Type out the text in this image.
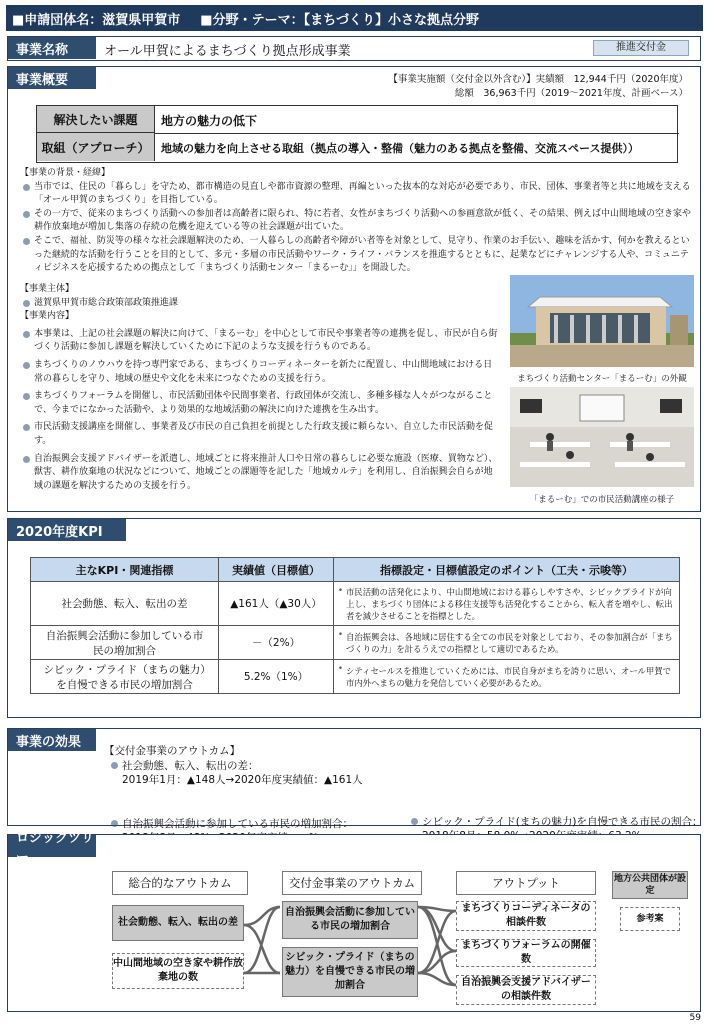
■申請団体名：滋賀県甲賀市 ■分野・テーマ：【まちづくり】小さな拠点分野
事業名称	オール甲賀によるまちづくり拠点形成事業	推進交付金
事業概要	【事業実施額（交付金以外含む）】実績額　12,944千円（2020年度）
総額　36,963千円（2019～2021年度、計画ベース）
解決したい課題	地方の魅力の低下
取組（アプローチ）	地域の魅力を向上させる取組（拠点の導入・整備（魅力のある拠点を整備、交流スペース提供））
【事業の背景・経緯】
当市では、住民の「暮らし」を守ため、都市構造の見直しや都市資源の整理、再編といった抜本的な対応が必要であり、市民、団体、事業者等と共に地域を支える「オール甲賀のまちづくり」を目指している。
その一方で、従来のまちづくり活動への参加者は高齢者に限られ、特に若者、女性がまちづくり活動への参画意欲が低く、その結果、例えば中山間地域の空き家や耕作放棄地が増加し集落の存続の危機を迎えている等の社会課題が出ていた。
そこで、福祉、防災等の様々な社会課題解決のため、一人暮らしの高齢者や障がい者等を対象として、見守り、作業のお手伝い、趣味を活かす、何かを教えるといった継続的な活動を行うことを目的として、多元・多層の市民活動やワーク・ライフ・バランスを推進するとともに、起業などにチャレンジする人や、コミュニティビジネスを応援するための拠点として「まちづくり活動センター「まるーむ」」を開設した。
【事業主体】
滋賀県甲賀市総合政策部政策推進課
【事業内容】
本事業は、上記の社会課題の解決に向けて、「まるーむ」を中心として市民や事業者等の連携を促し、市民が自ら街づくり活動に参加し課題を解決していくために下記のような支援を行うものである。
まちづくりのノウハウを持つ専門家である、まちづくりコーディネーターを新たに配置し、中山間地域における日常の暮らしを守り、地域の歴史や文化を未来につなぐための支援を行う。
まちづくりフォーラムを開催し、市民活動団体や民間事業者、行政団体が交流し、多種多様な人々がつながることで、今までになかった活動や、より効果的な地域活動の解決に向けた連携を生み出す。
市民活動支援講座を開催し、事業者及び市民の自己負担を前提とした行政支援に頼らない、自立した市民活動を促す。
自治振興会支援アドバイザーを派遣し、地域ごとに将来推計人口や日常の暮らしに必要な施設（医療、買物など）、獣害、耕作放棄地の状況などについて、地域ごとの課題等を記した「地域カルテ」を利用し、自治振興会自らが地域の課題を解決するための支援を行う。
まちづくり活動センター「まるーむ」の外観
「まるーむ」での市民活動講座の様子
2020年度KPI
主なKPI・関連指標	実績値（目標値）	指標設定・目標値設定のポイント（工夫・示唆等）
社会動態、転入、転出の差	▲161人（▲30人）	• 市民活動の活発化により、中山間地域における暮らしやすさや、シビックプライドが向上し、まちづくり団体による移住支援等も活発化することから、転入者を増やし、転出者を減少させることを指標とした。
自治振興会活動に参加している市民の増加割合	－（2%）	• 自治振興会は、各地域に居住する全ての市民を対象としており、その参加割合が「まちづくりの力」を計るうえでの指標として適切であるため。
シビック・プライド（まちの魅力）を自慢できる市民の増加割合	5.2%（1%）	• シティセールスを推進していくためには、市民自身がまちを誇りに思い、オール甲賀で市内外へまちの魅力を発信していく必要があるため。
事業の効果
【交付金事業のアウトカム】
社会動態、転入、転出の差：
2019年1月：▲148人→2020年度実績値：▲161人
自治振興会活動に参加している市民の増加割合：	シビック・プライド(まちの魅力)を自慢できる市民の割合：
ロジックツリー
総合的なアウトカム	交付金事業のアウトカム	アウトプット	地方公共団体が設定
参考案
社会動態、転入、転出の差
中山間地域の空き家や耕作放棄地の数
自治振興会活動に参加している市民の増加割合
シビック・プライド（まちの魅力）を自慢できる市民の増加割合
まちづくりコーディネータの相談件数
まちづくりフォーラムの開催数
自治振興会支援アドバイザーの相談件数
59
